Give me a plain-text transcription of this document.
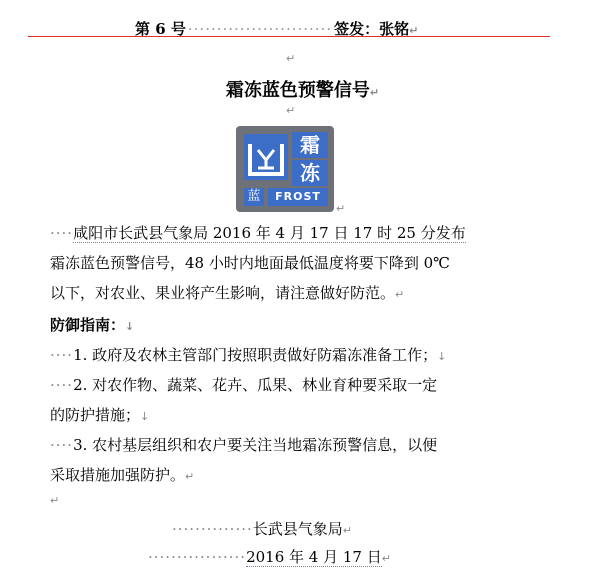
第 6 号 ························· 签发：张铭↵
↵
霜冻蓝色预警信号↵
↵
霜
冻
蓝	FROST
↵
····咸阳市长武县气象局 2016 年 4 月 17 日 17 时 25 分发布
霜冻蓝色预警信号，48 小时内地面最低温度将要下降到 0℃
以下，对农业、果业将产生影响，请注意做好防范。↵
防御指南：↓
····1. 政府及农林主管部门按照职责做好防霜冻准备工作；↓
····2. 对农作物、蔬菜、花卉、瓜果、林业育种要采取一定
的防护措施；↓
····3. 农村基层组织和农户要关注当地霜冻预警信息，以便
采取措施加强防护。↵
↵
··············长武县气象局↵
·················2016 年 4 月 17 日↵
